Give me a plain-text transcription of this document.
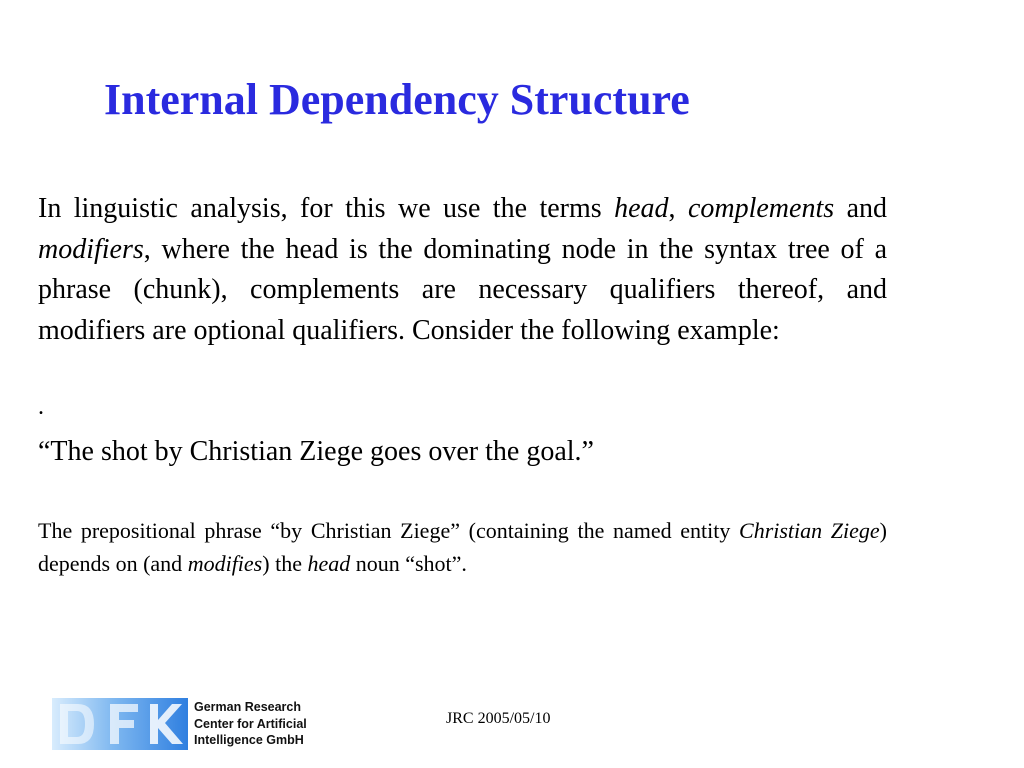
Internal Dependency Structure

In linguistic analysis, for this we use the terms head, complements and modifiers, where the head is the dominating node in the syntax tree of a phrase (chunk), complements are necessary qualifiers thereof, and modifiers are optional qualifiers. Consider the following example:

.

“The shot by Christian Ziege goes over the goal.”

The prepositional phrase “by Christian Ziege” (containing the named entity Christian Ziege) depends on (and modifies) the head noun “shot”.

German Research
Center for Artificial
Intelligence GmbH

JRC 2005/05/10
